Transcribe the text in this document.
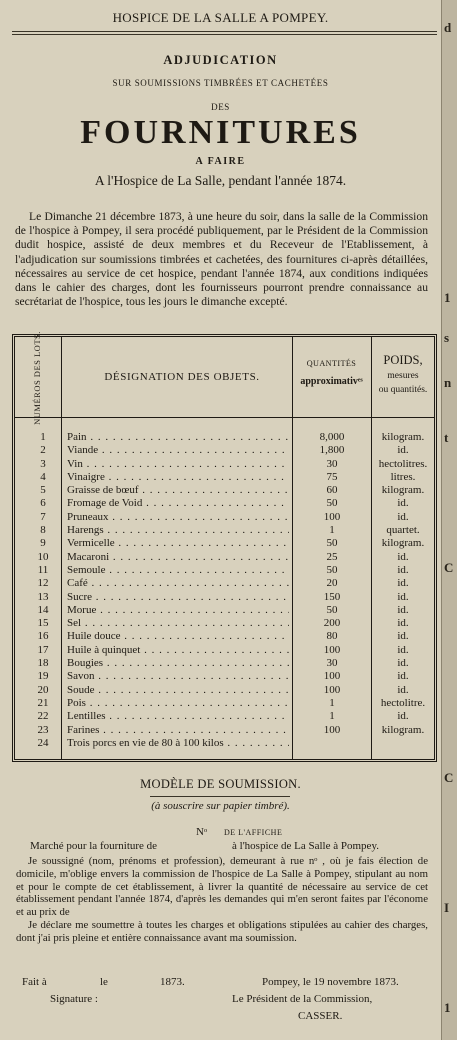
HOSPICE DE LA SALLE A POMPEY.
ADJUDICATION
SUR SOUMISSIONS TIMBRÉES ET CACHETÉES
DES
FOURNITURES
A FAIRE
A l'Hospice de La Salle, pendant l'année 1874.
Le Dimanche 21 décembre 1873, à une heure du soir, dans la salle de la Commission de l'hospice à Pompey, il sera procédé publiquement, par le Président de la Commission dudit hospice, assisté de deux membres et du Receveur de l'Etablissement, à l'adjudication sur soumissions timbrées et cachetées, des fournitures ci-après détaillées, nécessaires au service de cet hospice, pendant l'année 1874, aux conditions indiquées dans le cahier des charges, dont les fournisseurs pourront prendre connaissance au secrétariat de l'hospice, tous les jours le dimanche excepté.
NUMÉROS DES LOTS.	DÉSIGNATION DES OBJETS.
QUANTITÉS
approximativᵉˢ
POIDS,
mesures
ou quantités.
1	Pain . . .	8,000	kilogram.
2	Viande . . .	1,800	id.
3	Vin . . .	30	hectolitres.
4	Vinaigre . . .	75	litres.
5	Graisse de bœuf . . .	60	kilogram.
6	Fromage de Void . . .	50	id.
7	Pruneaux . . .	100	id.
8	Harengs . . .	1	quartet.
9	Vermicelle . . .	50	kilogram.
10	Macaroni . . .	25	id.
11	Semoule . . .	50	id.
12	Café . . .	20	id.
13	Sucre . . .	150	id.
14	Morue . . .	50	id.
15	Sel . . .	200	id.
16	Huile douce . . .	80	id.
17	Huile à quinquet . . .	100	id.
18	Bougies . . .	30	id.
19	Savon . . .	100	id.
20	Soude . . .	100	id.
21	Pois . . .	1	hectolitre.
22	Lentilles . . .	1	id.
23	Farines . . .	100	kilogram.
24	Trois porcs en vie de 80 à 100 kilos . . .
MODÈLE DE SOUMISSION.
(à souscrire sur papier timbré).
Nᵒ DE L'AFFICHE
Marché pour la fourniture de	à l'hospice de La Salle à Pompey.

Je soussigné (nom, prénoms et profession), demeurant à rue nᵒ , où je fais élection de domicile, m'oblige envers la commission de l'hospice de La Salle à Pompey, stipulant au nom et pour le compte de cet établissement, à livrer la quantité de nécessaire au service de cet établissement pendant l'année 1874, d'après les demandes qui m'en seront faites par l'économe et au prix de

Je déclare me soumettre à toutes les charges et obligations stipulées au cahier des charges, dont j'ai pris pleine et entière connaissance avant ma soumission.

Fait à	le	1873.	Pompey, le 19 novembre 1873.
Signature :	Le Président de la Commission,
CASSER.
d
1
s
n
t
C
C
I
1
